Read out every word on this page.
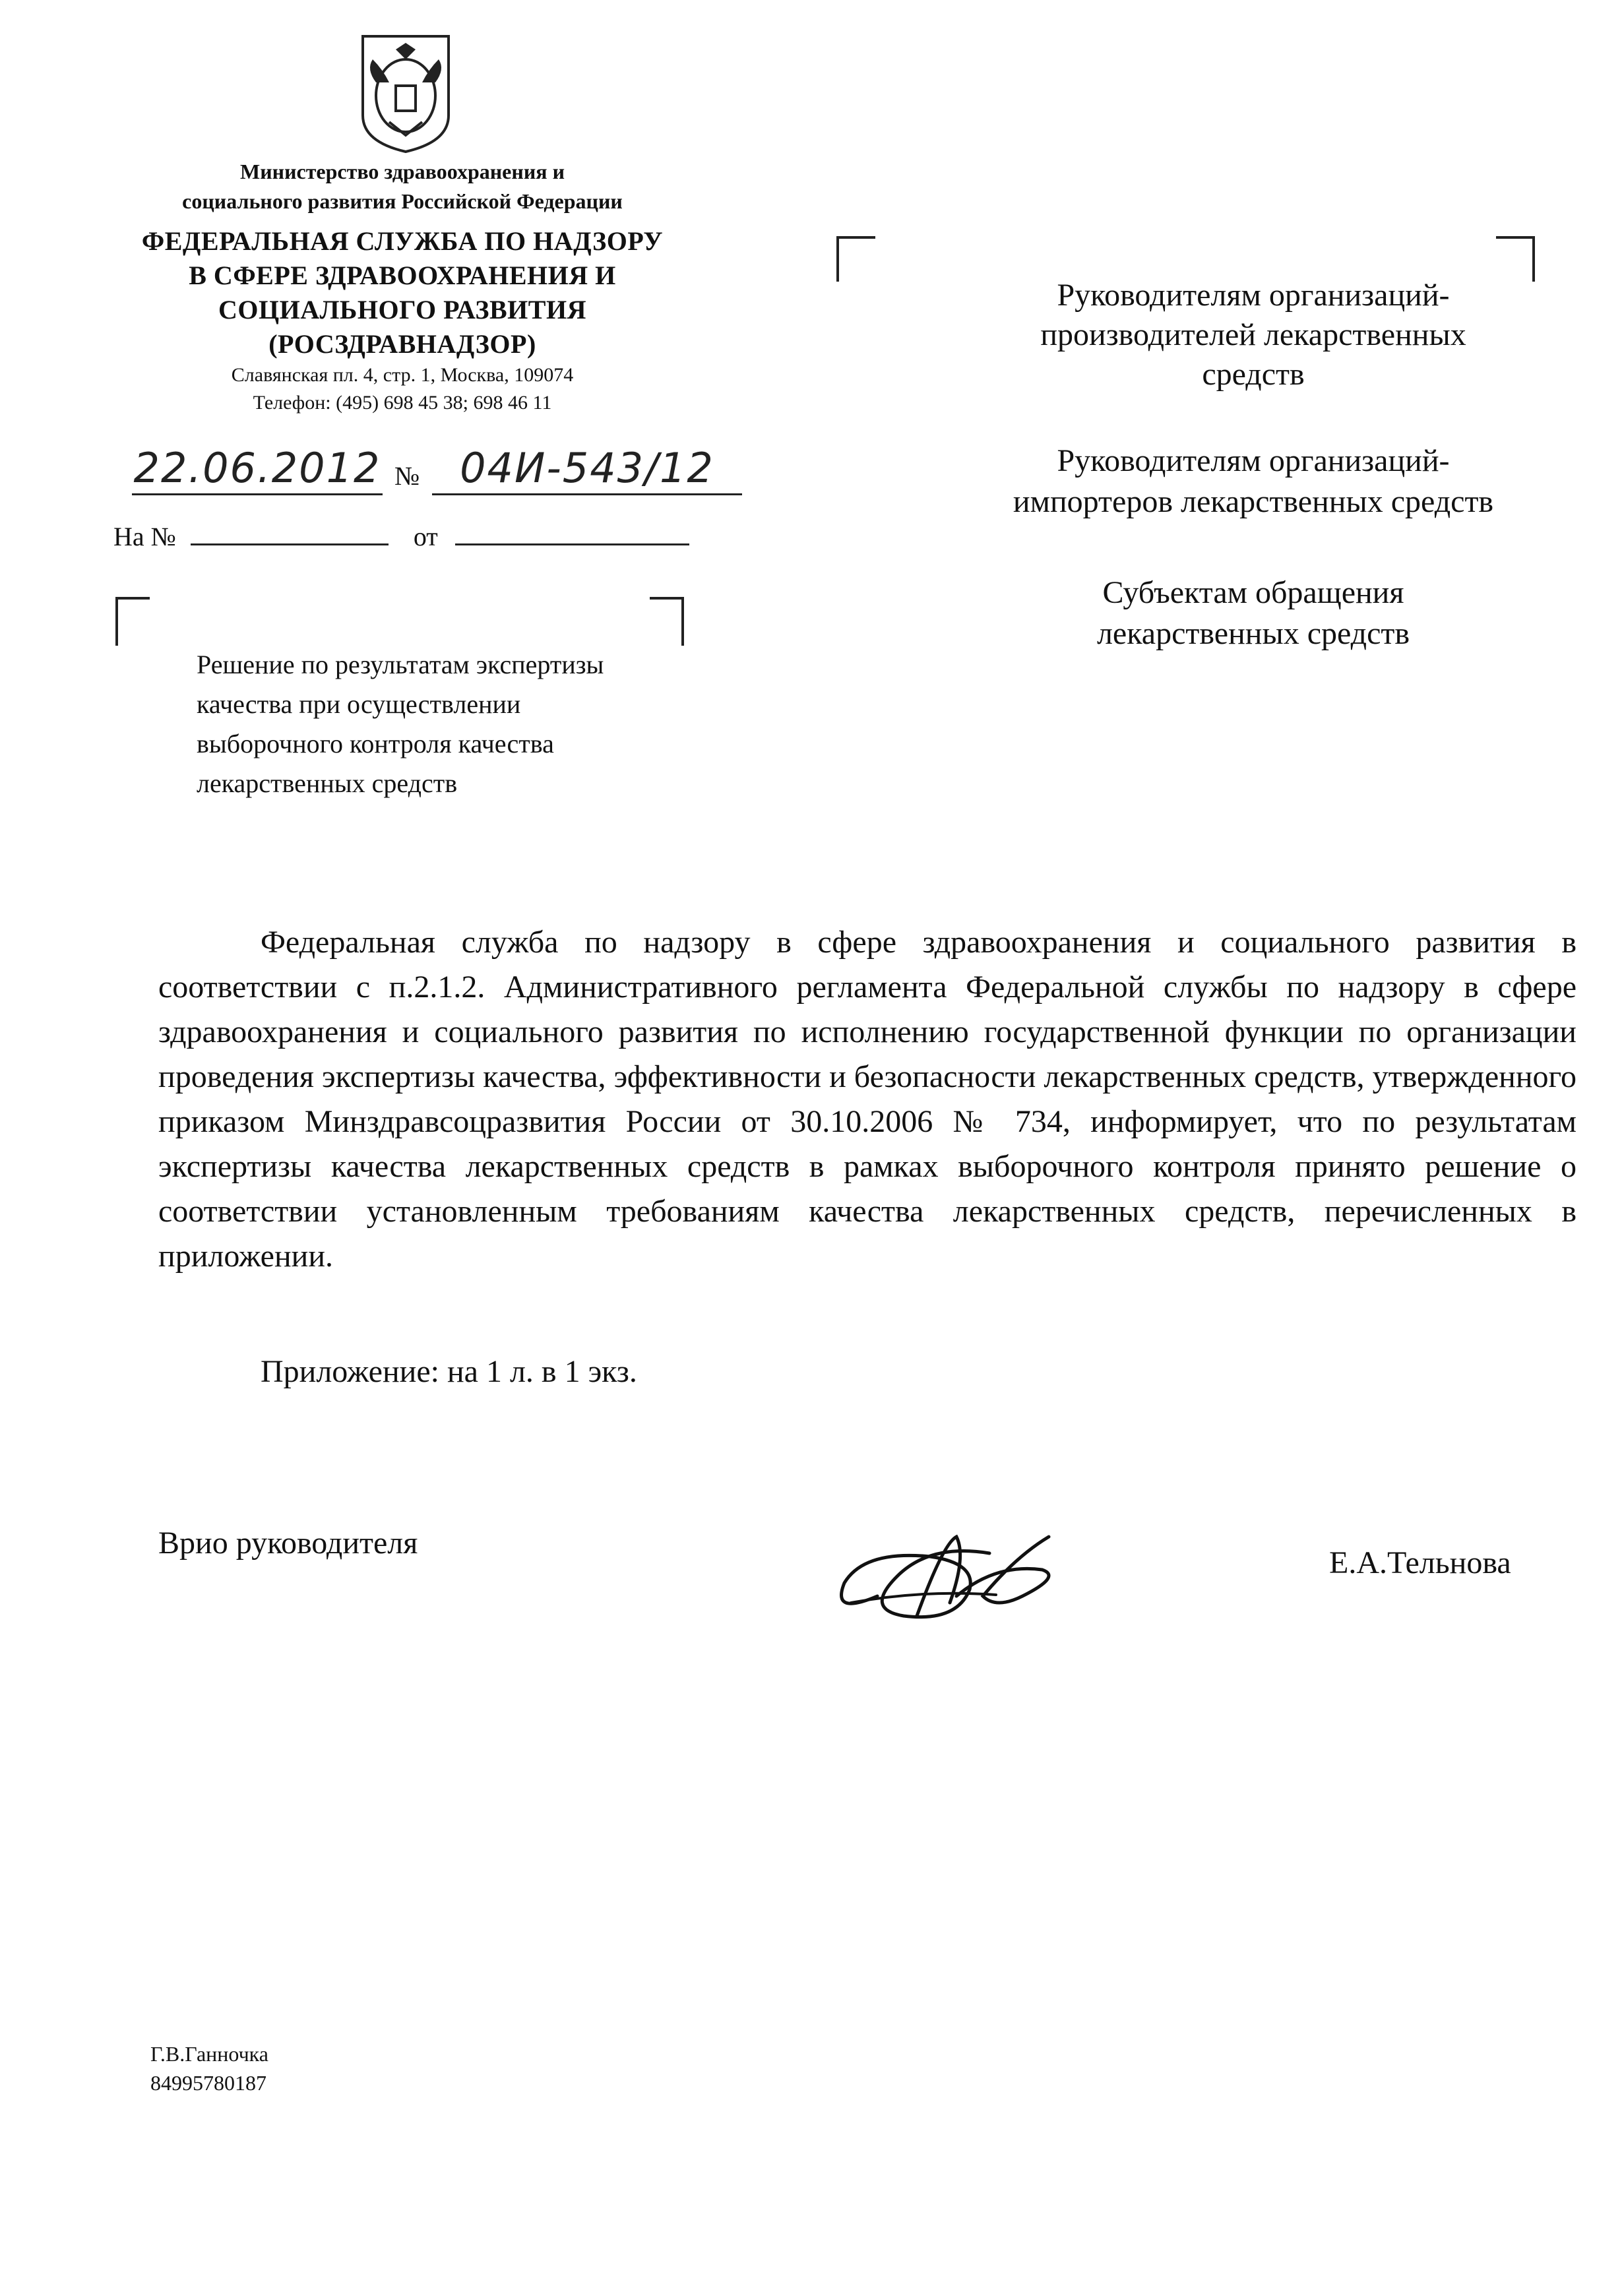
Министерство здравоохранения и
социального развития Российской Федерации
ФЕДЕРАЛЬНАЯ СЛУЖБА ПО НАДЗОРУ
В СФЕРЕ ЗДРАВООХРАНЕНИЯ И
СОЦИАЛЬНОГО РАЗВИТИЯ
(РОСЗДРАВНАДЗОР)
Славянская пл. 4, стр. 1, Москва, 109074
Телефон: (495) 698 45 38; 698 46 11
22.06.2012 № 04И-543/12
На №	от
Решение по результатам экспертизы
качества при осуществлении
выборочного контроля качества
лекарственных средств
Руководителям организаций-
производителей лекарственных
средств
Руководителям организаций-
импортеров лекарственных средств
Субъектам обращения
лекарственных средств
Федеральная служба по надзору в сфере здравоохранения и социального развития в соответствии с п.2.1.2. Административного регламента Федеральной службы по надзору в сфере здравоохранения и социального развития по исполнению государственной функции по организации проведения экспертизы качества, эффективности и безопасности лекарственных средств, утвержденного приказом Минздравсоцразвития России от 30.10.2006 № 734, информирует, что по результатам экспертизы качества лекарственных средств в рамках выборочного контроля принято решение о соответствии установленным требованиям качества лекарственных средств, перечисленных в приложении.
Приложение: на 1 л. в 1 экз.
Врио руководителя
Е.А.Тельнова
Г.В.Ганночка
84995780187
